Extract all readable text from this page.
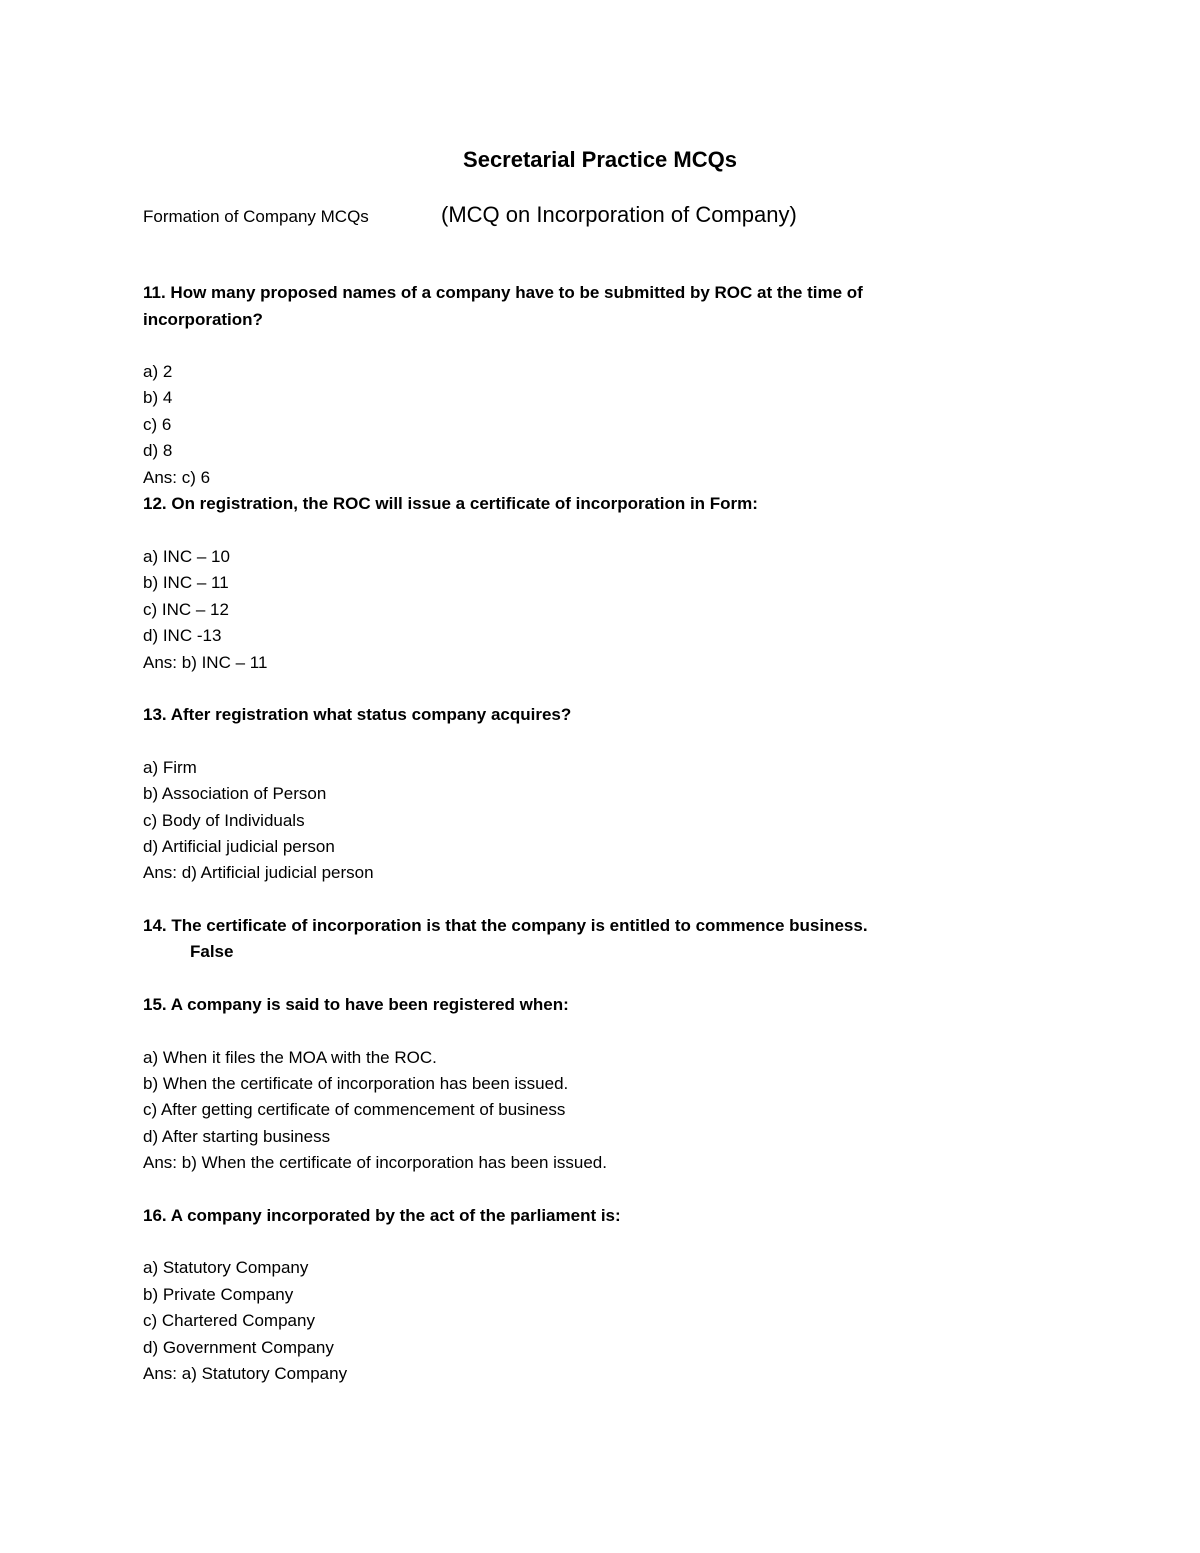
Secretarial Practice MCQs
Formation of Company MCQs	(MCQ on Incorporation of Company)
11. How many proposed names of a company have to be submitted by ROC at the time of
incorporation?
a) 2
b) 4
c) 6
d) 8
Ans: c) 6
12. On registration, the ROC will issue a certificate of incorporation in Form:
a) INC – 10
b) INC – 11
c) INC – 12
d) INC -13
Ans: b) INC – 11
13. After registration what status company acquires?
a) Firm
b) Association of Person
c) Body of Individuals
d) Artificial judicial person
Ans: d) Artificial judicial person
14. The certificate of incorporation is that the company is entitled to commence business.
False
15. A company is said to have been registered when:
a) When it files the MOA with the ROC.
b) When the certificate of incorporation has been issued.
c) After getting certificate of commencement of business
d) After starting business
Ans: b) When the certificate of incorporation has been issued.
16. A company incorporated by the act of the parliament is:
a) Statutory Company
b) Private Company
c) Chartered Company
d) Government Company
Ans: a) Statutory Company
